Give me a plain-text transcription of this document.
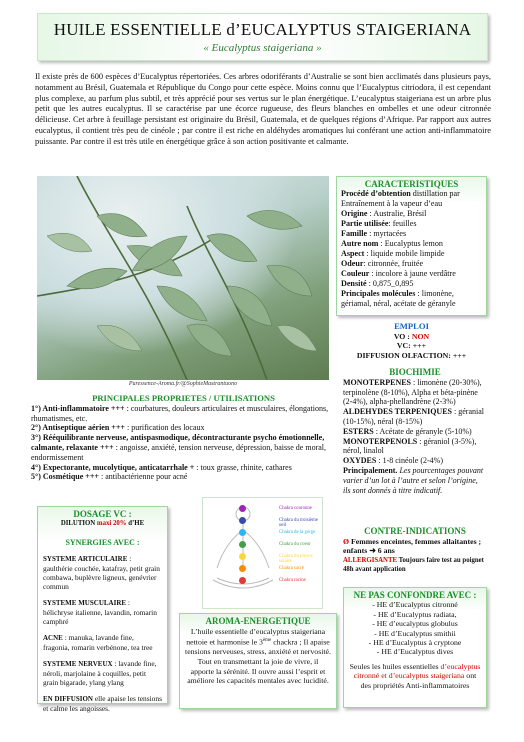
HUILE ESSENTIELLE d’EUCALYPTUS STAIGERIANA
« Eucalyptus staigeriana »
Il existe près de 600 espèces d’Eucalyptus répertoriées. Ces arbres odoriférants d’Australie se sont bien acclimatés dans plusieurs pays, notamment au Brésil, Guatemala et République du Congo pour cette espèce. Moins connu que l’Eucalyptus citriodora, il est cependant plus complexe, au parfum plus subtil, et très apprécié pour ses vertus sur le plan énergétique. L’eucalyptus staigeriana est un arbre plus petit que les autres eucalyptus. Il se caractérise par une écorce rugueuse, des fleurs blanches en ombelles et une odeur citronnée délicieuse. Cet arbre à feuillage persistant est originaire du Brésil, Guatemala, et de quelques régions d’Afrique. Par rapport aux autres eucalyptus, il contient très peu de cinéole ; par contre il est riche en aldéhydes aromatiques lui conférant une action anti-inflammatoire puissante. Par contre il est très utile en énergétique grâce à son action positivante et calmante.
Puressence-Aroma.fr/@SophieMastrantuono
CARACTERISTIQUES
Procédé d’obtention distillation par Entraînement à la vapeur d’eau
Origine : Australie, Brésil
Partie utilisée: feuilles
Famille : myrtacées
Autre nom : Eucalyptus lemon
Aspect : liquide mobile limpide
Odeur: citronnée, fruitée
Couleur : incolore à jaune verdâtre
Densité : 0,875_0,895
Principales molécules : limonène, gériamal, néral, acétate de géranyle
EMPLOI
VO : NON
VC: +++
DIFFUSION OLFACTION: +++
BIOCHIMIE
MONOTERPENES : limonène (20-30%), terpinolène (8-10%), Alpha et béta-pinène (2-4%), alpha-phellandrène (2-3%)
ALDEHYDES TERPENIQUES : géranial (10-15%), néral (8-15%)
ESTERS : Acétate de géranyle (5-10%)
MONOTERPENOLS : géraniol (3-5%), nérol, linalol
OXYDES : 1-8 cinéole (2-4%)
Principalement. Les pourcentages pouvant varier d’un lot à l’autre et selon l’origine, ils sont donnés à titre indicatif.
PRINCIPALES PROPRIETES / UTILISATIONS
1°) Anti-inflammatoire +++ : courbatures, douleurs articulaires et musculaires, élongations, rhumatismes, etc.
2°) Antiseptique aérien +++ : purification des locaux
3°) Rééquilibrante nerveuse, antispasmodique, décontracturante psycho émotionnelle, calmante, relaxante +++ : angoisse, anxiété, tension nerveuse, dépression, baisse de moral, endormissement
4°) Expectorante, mucolytique, anticatarrhale + : toux grasse, rhinite, cathares
5°) Cosmétique +++ : antibactérienne pour acné
DOSAGE VC :
DILUTION maxi 20% d’HE
SYNERGIES AVEC :
SYSTEME ARTICULAIRE : gaulthérie couchée, katafray, petit grain combawa, buplèvre ligneux, genévrier commun
SYSTEME MUSCULAIRE : hélichryse italienne, lavandin, romarin camphré
ACNE : manuka, lavande fine, fragonia, romarin verbénone, tea tree
SYSTEME NERVEUX : lavande fine, néroli, marjolaine à coquilles, petit grain bigarade, ylang ylang
EN DIFFUSION elle apaise les tensions et calme les angoisses.
Chakra couronne
Chakra du troisième oeil
Chakra de la gorge
Chakra du coeur
Chakra du plexus solaire
Chakra sacré
Chakra racine
AROMA-ENERGETIQUE
L’huile essentielle d’eucalyptus staigeriana nettoie et harmonise le 3ème chackra ; Il apaise tensions nerveuses, stress, anxiété et nervosité. Tout en transmettant la joie de vivre, il apporte la sérénité. Il ouvre aussi l’esprit et améliore les capacités mentales avec lucidité.
CONTRE-INDICATIONS
Ø Femmes enceintes, femmes allaitantes ; enfants ➜ 6 ans
ALLERGISANTE Toujours faire test au poignet 48h avant application
NE PAS CONFONDRE AVEC :
- HE d’Eucalyptus citronné
- HE d’Eucalyptus radiata,
- HE d’eucalyptus globulus
- HE d’Eucalyptus smithii
- HE d’Eucalyptus à cryptone
- HE d’Eucalyptus dives
Seules les huiles essentielles d’eucalyptus citronné et d’eucalyptus staigeriana ont des propriétés Anti-inflammatoires
